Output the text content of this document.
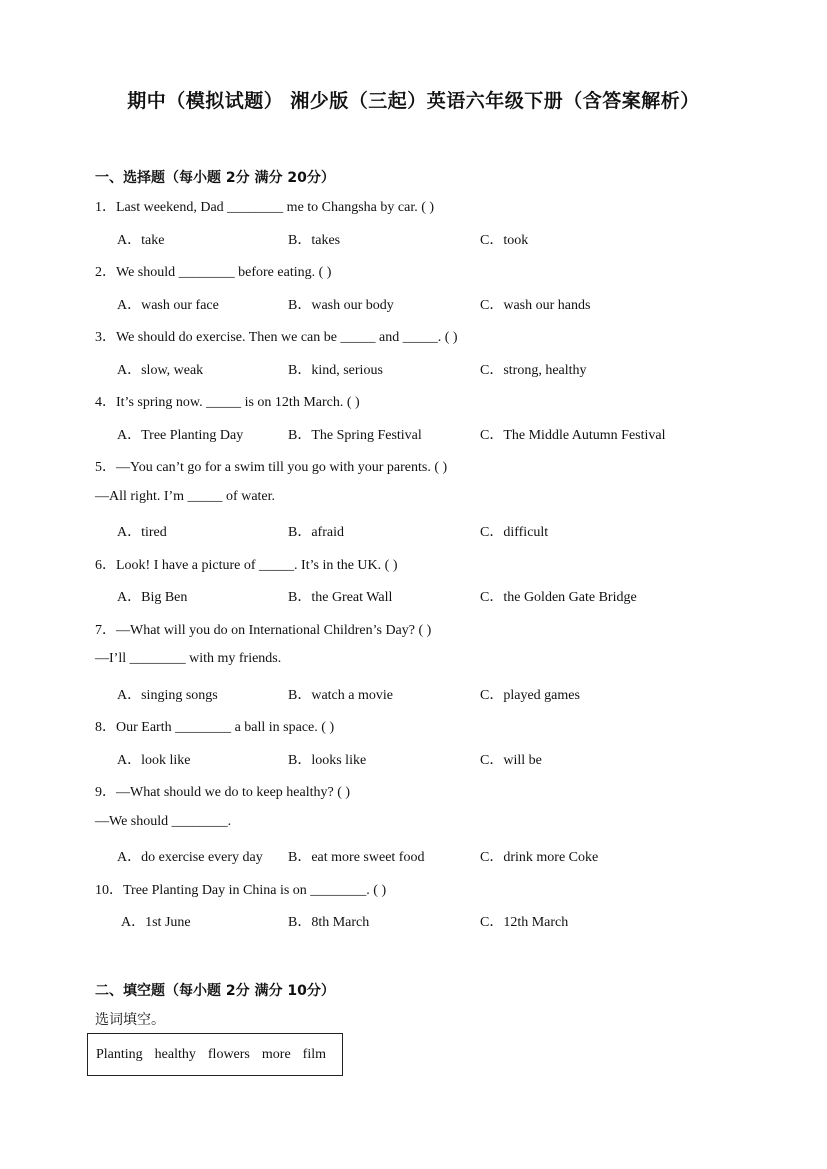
期中（模拟试题） 湘少版（三起）英语六年级下册（含答案解析）
一、选择题（每小题 2分 满分 20分）
1．Last weekend, Dad ________ me to Changsha by car. ( )
A．take	B．takes	C．took
2．We should ________ before eating. ( )
A．wash our face	B．wash our body	C．wash our hands
3．We should do exercise. Then we can be _____ and _____. ( )
A．slow, weak	B．kind, serious	C．strong, healthy
4．It’s spring now. _____ is on 12th March. ( )
A．Tree Planting Day	B．The Spring Festival	C．The Middle Autumn Festival
5．—You can’t go for a swim till you go with your parents. ( )
—All right. I’m _____ of water.
A．tired	B．afraid	C．difficult
6．Look! I have a picture of _____. It’s in the UK. ( )
A．Big Ben	B．the Great Wall	C．the Golden Gate Bridge
7．—What will you do on International Children’s Day? ( )
—I’ll ________ with my friends.
A．singing songs	B．watch a movie	C．played games
8．Our Earth ________ a ball in space. ( )
A．look like	B．looks like	C．will be
9．—What should we do to keep healthy? ( )
—We should ________.
A．do exercise every day B．eat more sweet food	C．drink more Coke
10．Tree Planting Day in China is on ________. ( )
A．1st June	B．8th March	C．12th March
二、填空题（每小题 2分 满分 10分）
选词填空。
Planting healthy flowers more film
